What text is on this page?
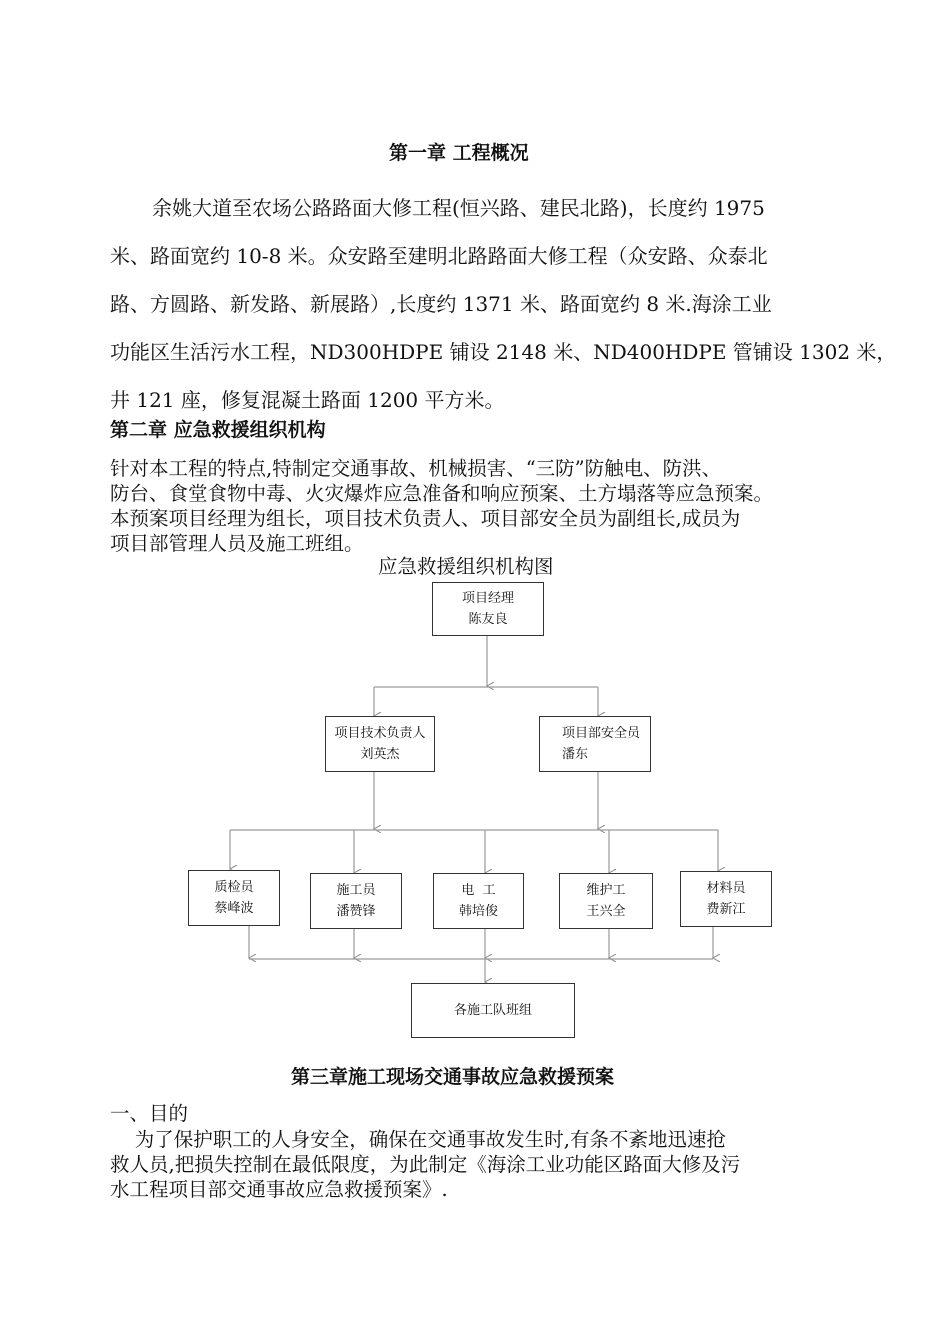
第一章 工程概况
余姚大道至农场公路路面大修工程(恒兴路、建民北路)，长度约 1975
米、路面宽约 10-8 米。众安路至建明北路路面大修工程（众安路、众泰北
路、方圆路、新发路、新展路）,长度约 1371 米、路面宽约 8 米.海涂工业
功能区生活污水工程，ND300HDPE 铺设 2148 米、ND400HDPE 管铺设 1302 米，
井 121 座，修复混凝土路面 1200 平方米。
第二章 应急救援组织机构
针对本工程的特点,特制定交通事故、机械损害、“三防”防触电、防洪、
防台、食堂食物中毒、火灾爆炸应急准备和响应预案、土方塌落等应急预案。
本预案项目经理为组长，项目技术负责人、项目部安全员为副组长,成员为
项目部管理人员及施工班组。
应急救援组织机构图
项目经理
陈友良
项目技术负责人
刘英杰
项目部安全员
潘东
质检员
蔡峰波
施工员
潘赞锋
电  工
韩培俊
维护工
王兴全
材料员
费新江
各施工队班组
第三章施工现场交通事故应急救援预案
一、目的
为了保护职工的人身安全，确保在交通事故发生时,有条不紊地迅速抢
救人员,把损失控制在最低限度，为此制定《海涂工业功能区路面大修及污
水工程项目部交通事故应急救援预案》.
